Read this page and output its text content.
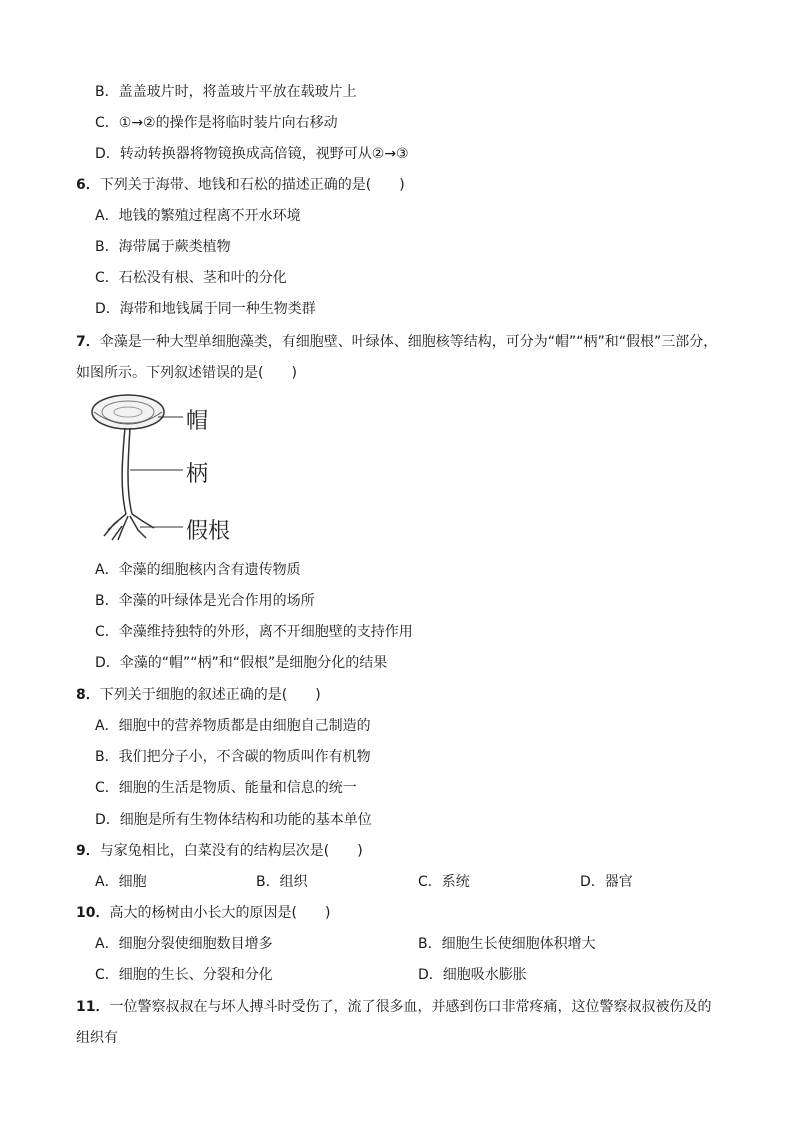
B．盖盖玻片时，将盖玻片平放在载玻片上
C．①→②的操作是将临时装片向右移动
D．转动转换器将物镜换成高倍镜，视野可从②→③
6．下列关于海带、地钱和石松的描述正确的是(　　)
A．地钱的繁殖过程离不开水环境
B．海带属于蕨类植物
C．石松没有根、茎和叶的分化
D．海带和地钱属于同一种生物类群
7．伞藻是一种大型单细胞藻类，有细胞壁、叶绿体、细胞核等结构，可分为“帽”“柄”和“假根”三部分，
如图所示。下列叙述错误的是(　　)
帽
柄
假根
A．伞藻的细胞核内含有遗传物质
B．伞藻的叶绿体是光合作用的场所
C．伞藻维持独特的外形，离不开细胞壁的支持作用
D．伞藻的“帽”“柄”和“假根”是细胞分化的结果
8．下列关于细胞的叙述正确的是(　　)
A．细胞中的营养物质都是由细胞自己制造的
B．我们把分子小，不含碳的物质叫作有机物
C．细胞的生活是物质、能量和信息的统一
D．细胞是所有生物体结构和功能的基本单位
9．与家兔相比，白菜没有的结构层次是(　　)
A．细胞	B．组织	C．系统	D．器官
10．高大的杨树由小长大的原因是(　　)
A．细胞分裂使细胞数目增多	B．细胞生长使细胞体积增大
C．细胞的生长、分裂和分化	D．细胞吸水膨胀
11．一位警察叔叔在与坏人搏斗时受伤了，流了很多血，并感到伤口非常疼痛，这位警察叔叔被伤及的
组织有
